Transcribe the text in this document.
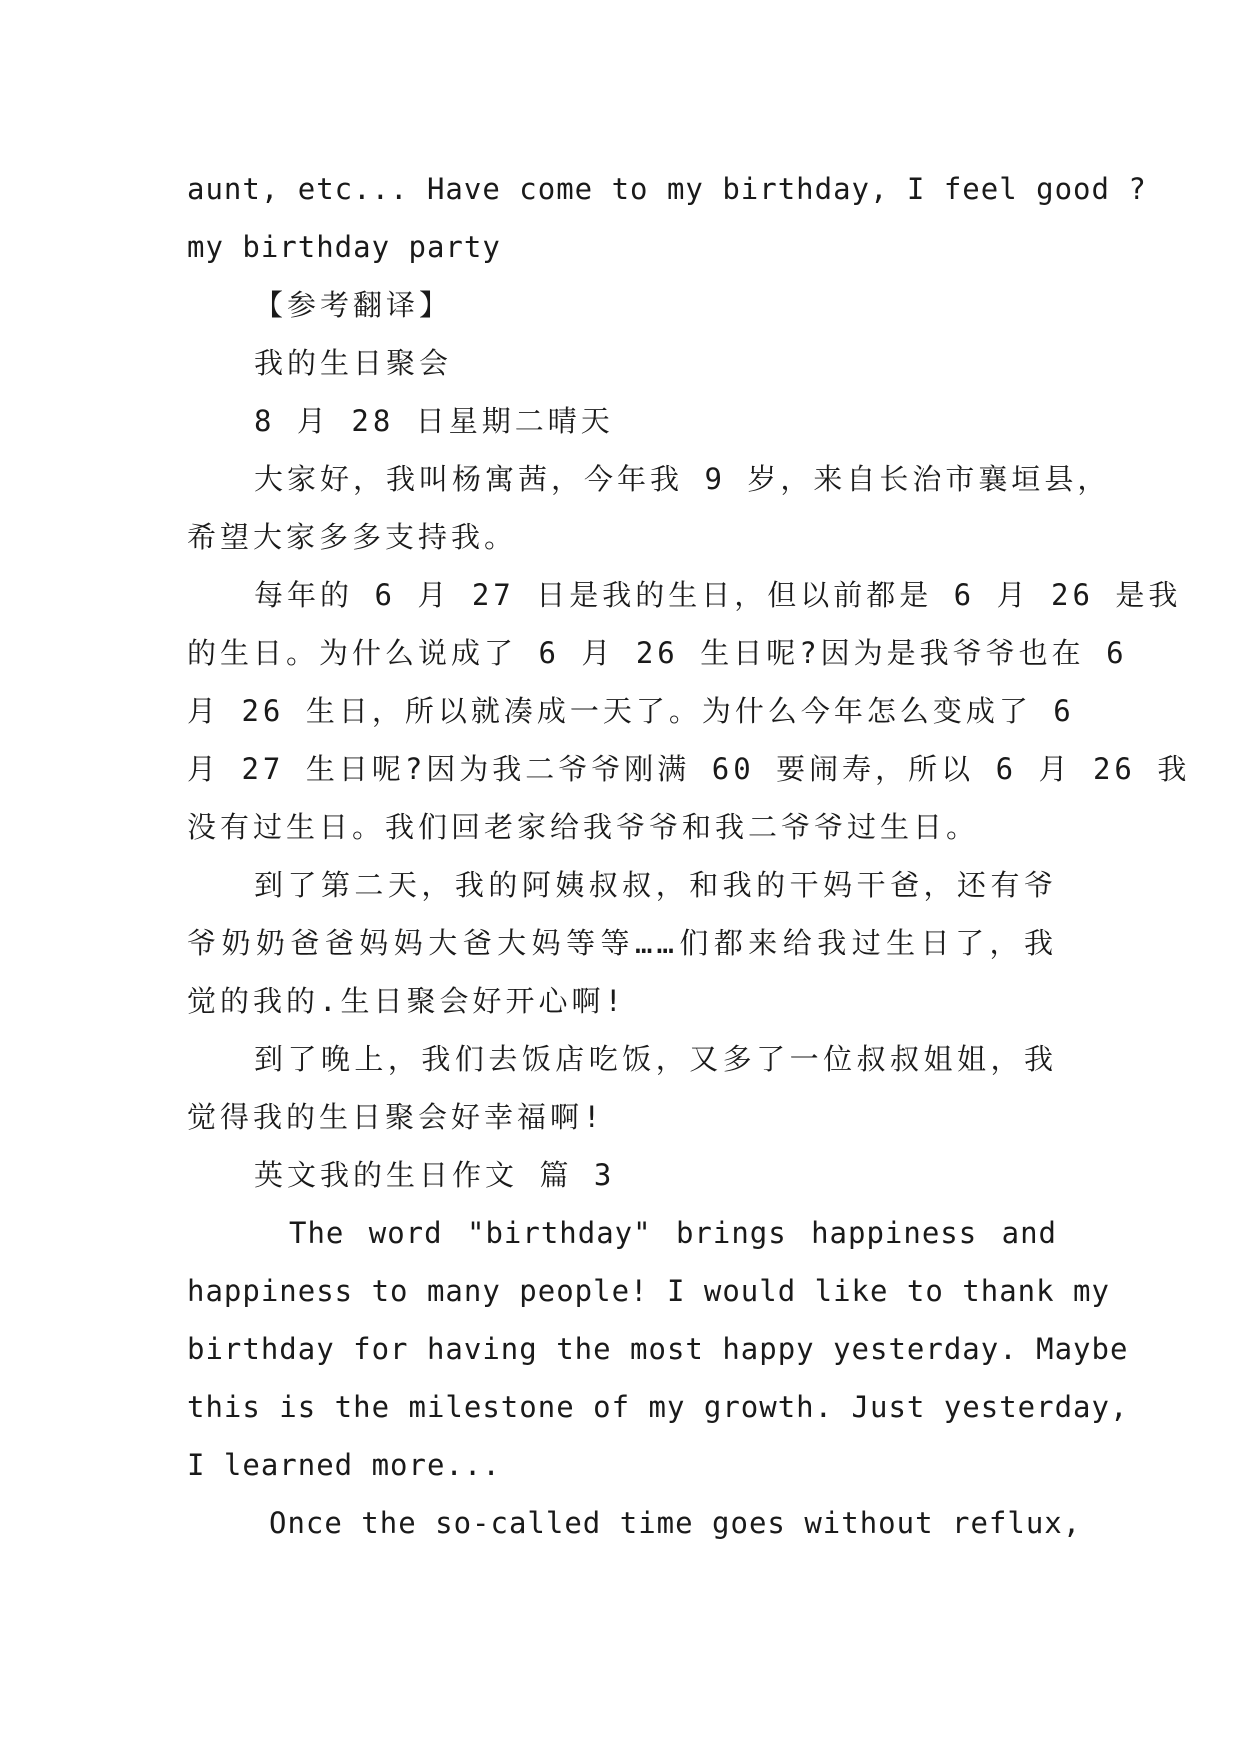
aunt, etc... Have come to my birthday, I feel good ?
my birthday party
【参考翻译】
我的生日聚会
8 月 28 日星期二晴天
大家好，我叫杨寓茜，今年我 9 岁，来自长治市襄垣县，
希望大家多多支持我。
每年的 6 月 27 日是我的生日，但以前都是 6 月 26 是我
的生日。为什么说成了 6 月 26 生日呢?因为是我爷爷也在 6
月 26 生日，所以就凑成一天了。为什么今年怎么变成了 6
月 27 生日呢?因为我二爷爷刚满 60 要闹寿，所以 6 月 26 我
没有过生日。我们回老家给我爷爷和我二爷爷过生日。
到了第二天，我的阿姨叔叔，和我的干妈干爸，还有爷
爷奶奶爸爸妈妈大爸大妈等等……们都来给我过生日了，我
觉的我的.生日聚会好开心啊!
到了晚上，我们去饭店吃饭，又多了一位叔叔姐姐，我
觉得我的生日聚会好幸福啊!
英文我的生日作文 篇 3
The word "birthday" brings happiness and
happiness to many people! I would like to thank my
birthday for having the most happy yesterday. Maybe
this is the milestone of my growth. Just yesterday,
I learned more...
Once the so-called time goes without reflux,
